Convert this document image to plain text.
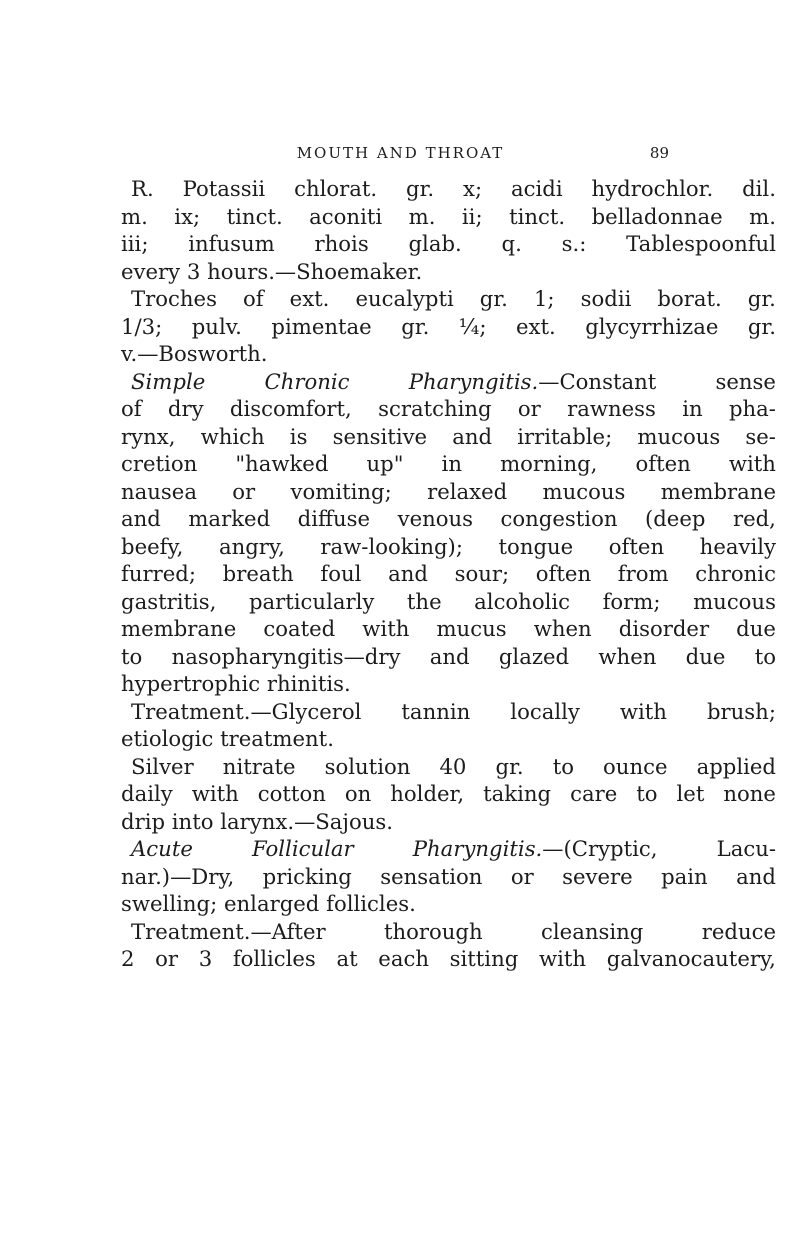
MOUTH AND THROAT	89
R. Potassii chlorat. gr. x; acidi hydrochlor. dil.
m. ix; tinct. aconiti m. ii; tinct. belladonnae m.
iii; infusum rhois glab. q. s.: Tablespoonful
every 3 hours.—Shoemaker.
Troches of ext. eucalypti gr. 1; sodii borat. gr.
1/3; pulv. pimentae gr. ¼; ext. glycyrrhizae gr.
v.—Bosworth.
Simple	Chronic	Pharyngitis.—Constant	sense
of dry discomfort, scratching or rawness in pha-
rynx, which is sensitive and irritable; mucous se-
cretion "hawked up" in morning, often with
nausea or vomiting; relaxed mucous membrane
and marked diffuse venous congestion (deep red,
beefy, angry, raw-looking); tongue often heavily
furred; breath foul and sour; often from chronic
gastritis, particularly the alcoholic form; mucous
membrane coated with mucus when disorder due
to nasopharyngitis—dry and glazed when due to
hypertrophic rhinitis.
Treatment.—Glycerol tannin locally with brush;
etiologic treatment.
Silver nitrate solution 40 gr. to ounce applied
daily with cotton on holder, taking care to let none
drip into larynx.—Sajous.
Acute	Follicular	Pharyngitis.—(Cryptic,	Lacu-
nar.)—Dry, pricking sensation or severe pain and
swelling; enlarged follicles.
Treatment.—After	thorough	cleansing	reduce
2 or 3 follicles at each sitting with galvanocautery,
